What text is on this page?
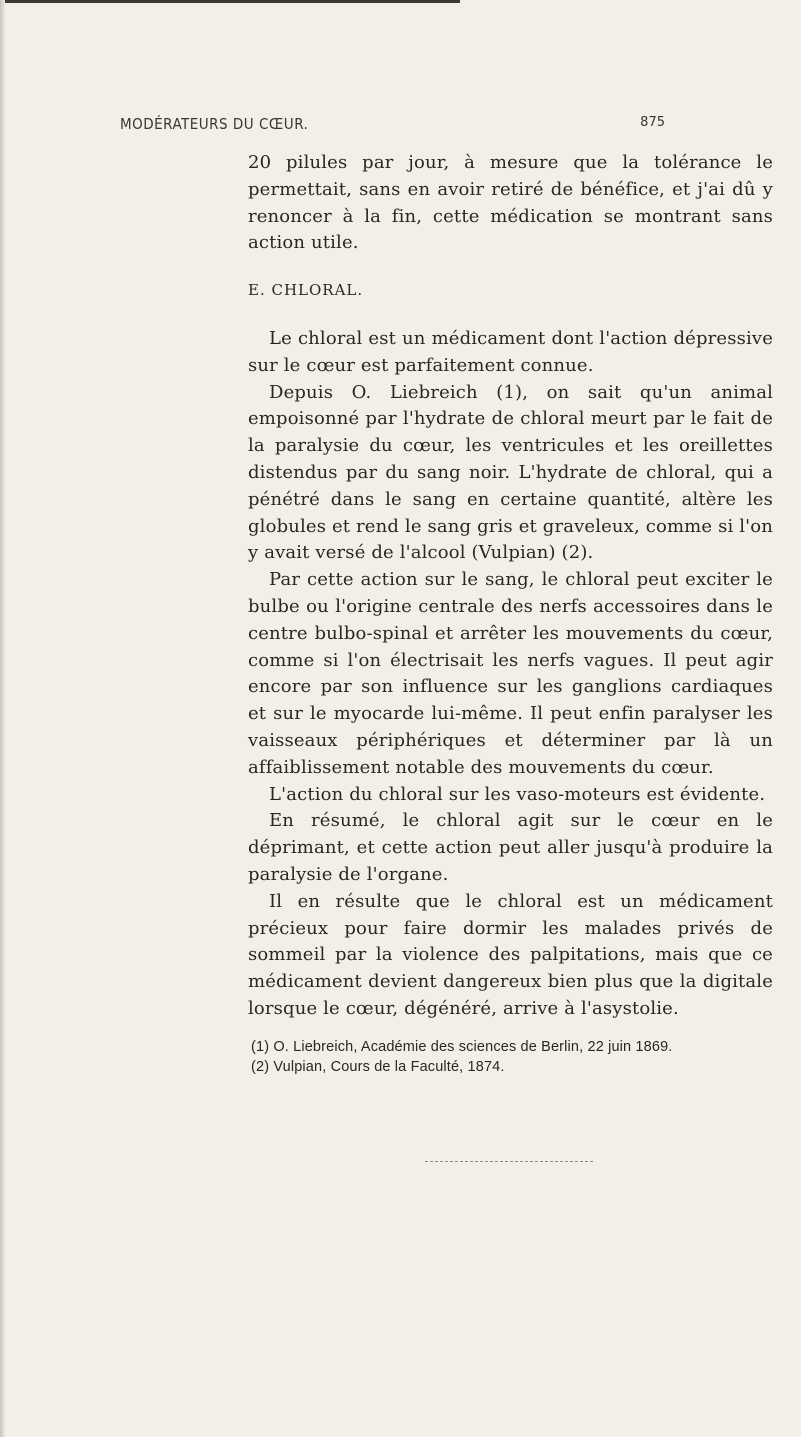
MODÉRATEURS DU CŒUR.	875

20 pilules par jour, à mesure que la tolérance le permettait, sans en avoir retiré de bénéfice, et j'ai dû y renoncer à la fin, cette médication se montrant sans action utile.

E. CHLORAL.

Le chloral est un médicament dont l'action dépressive sur le cœur est parfaitement connue.

Depuis O. Liebreich (1), on sait qu'un animal empoisonné par l'hydrate de chloral meurt par le fait de la paralysie du cœur, les ventricules et les oreillettes distendus par du sang noir. L'hydrate de chloral, qui a pénétré dans le sang en certaine quantité, altère les globules et rend le sang gris et graveleux, comme si l'on y avait versé de l'alcool (Vulpian) (2).

Par cette action sur le sang, le chloral peut exciter le bulbe ou l'origine centrale des nerfs accessoires dans le centre bulbo-spinal et arrêter les mouvements du cœur, comme si l'on électrisait les nerfs vagues. Il peut agir encore par son influence sur les ganglions cardiaques et sur le myocarde lui-même. Il peut enfin paralyser les vaisseaux périphériques et déterminer par là un affaiblissement notable des mouvements du cœur.

L'action du chloral sur les vaso-moteurs est évidente.

En résumé, le chloral agit sur le cœur en le déprimant, et cette action peut aller jusqu'à produire la paralysie de l'organe.

Il en résulte que le chloral est un médicament précieux pour faire dormir les malades privés de sommeil par la violence des palpitations, mais que ce médicament devient dangereux bien plus que la digitale lorsque le cœur, dégénéré, arrive à l'asystolie.

(1) O. Liebreich, Académie des sciences de Berlin, 22 juin 1869.
(2) Vulpian, Cours de la Faculté, 1874.
